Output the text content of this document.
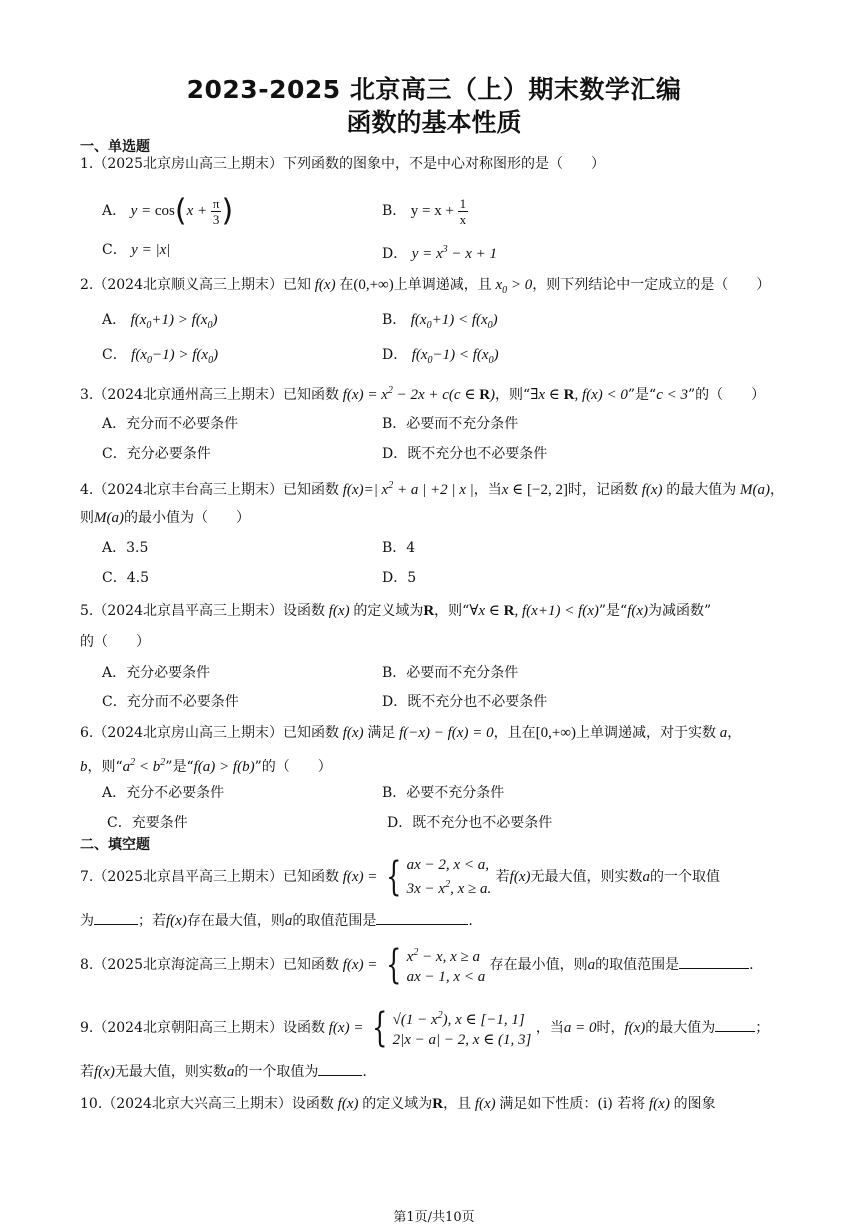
2023-2025 北京高三（上）期末数学汇编
函数的基本性质
一、单选题
1.（2025北京房山高三上期末）下列函数的图象中，不是中心对称图形的是（　　）
A． $y = \cos(x + \frac{\pi}{3}$ )	B． $y = x + \frac{1}{x}$
C． y = |x|	D． $y = x^3 - x + 1$
2.（2024北京顺义高三上期末）已知 f(x) 在(0,+∞)上单调递减，且 $x_0 > 0$，则下列结论中一定成立的是（　　）
A． $f(x_0+1) > f(x_0)$	B． $f(x_0+1) < f(x_0)$
C． $f(x_0-1) > f(x_0)$	D． $f(x_0-1) < f(x_0)$
3.（2024北京通州高三上期末）已知函数 $f(x) = x^2 - 2x + c(c$ ∈ R)，则“∃x ∈ R, f(x) < 0”是“c < 3”的（　　）
A．充分而不必要条件	B．必要而不充分条件
C．充分必要条件	D．既不充分也不必要条件
4.（2024北京丰台高三上期末）已知函数 f(x)=| $x^2 + a$ | +2 | x |，当x ∈ [−2, 2]时，记函数 f(x) 的最大值为 M(a)，
则M(a)的最小值为（　　）
A．3.5	B．4
C．4.5	D．5
5.（2024北京昌平高三上期末）设函数 f(x) 的定义域为R，则“∀x ∈ R, f(x+1) < f(x)”是“f(x)为减函数”
的（　　）
A．充分必要条件	B．必要而不充分条件
C．充分而不必要条件	D．既不充分也不必要条件
6.（2024北京房山高三上期末）已知函数 f(x) 满足 f(−x) − f(x) = 0，且在[0,+∞)上单调递减，对于实数 a，
b，则“$a^2 < b^2$”是“f(a) > f(b)”的（　　）
A．充分不必要条件	B．必要不充分条件
C．充要条件	D．既不充分也不必要条件
二、填空题
7.（2025北京昌平高三上期末）已知函数 f(x) = { ax − 2, x < a,
$3x - x^2$, x ≥ a.
若f(x)无最大值，则实数a的一个取值
为	；若f(x)存在最大值，则a的取值范围是	.
8.（2025北京海淀高三上期末）已知函数 f(x) = { $x^2 - x$, x ≥ a
ax − 1, x < a
存在最小值，则a的取值范围是	.
9.（2024北京朝阳高三上期末）设函数 f(x) = { $√(1 - x^2)$, x ∈ [−1, 1]
2|x − a| − 2, x ∈ (1, 3]
，当a = 0时，f(x)的最大值为	；
若f(x)无最大值，则实数a的一个取值为	.
10.（2024北京大兴高三上期末）设函数 f(x) 的定义域为R，且 f(x) 满足如下性质：(i) 若将 f(x) 的图象
第1页/共10页
